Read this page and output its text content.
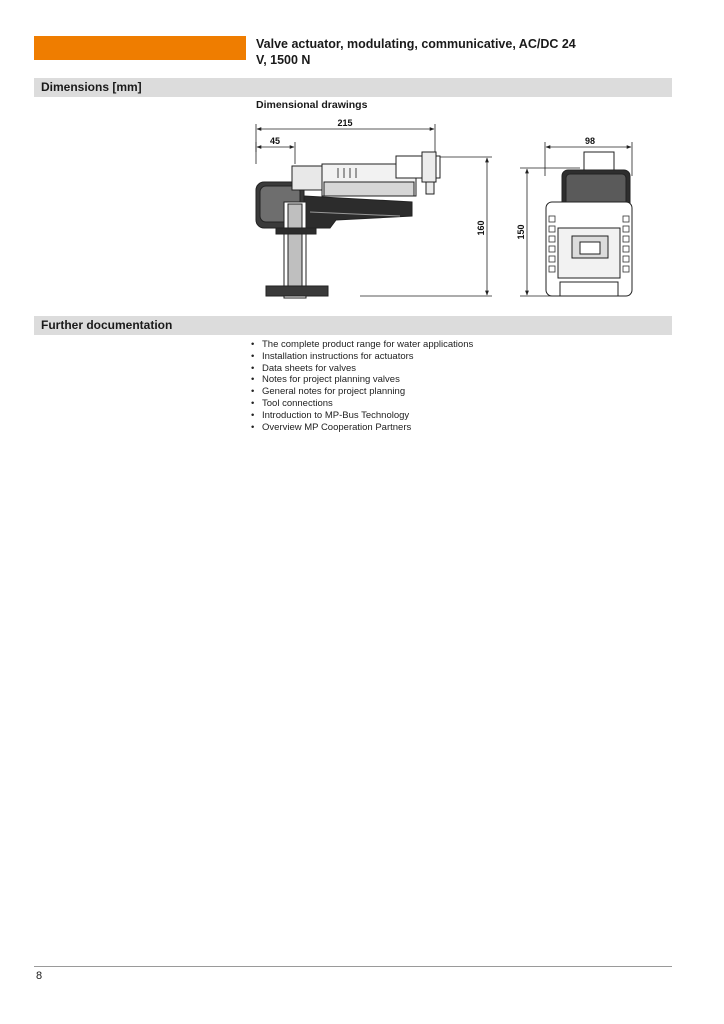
Valve actuator, modulating, communicative, AC/DC 24
V, 1500 N
Dimensions [mm]
Dimensional drawings
215
45
160
98
150
Further documentation
• The complete product range for water applications
• Installation instructions for actuators
• Data sheets for valves
• Notes for project planning valves
• General notes for project planning
• Tool connections
• Introduction to MP-Bus Technology
• Overview MP Cooperation Partners
8
